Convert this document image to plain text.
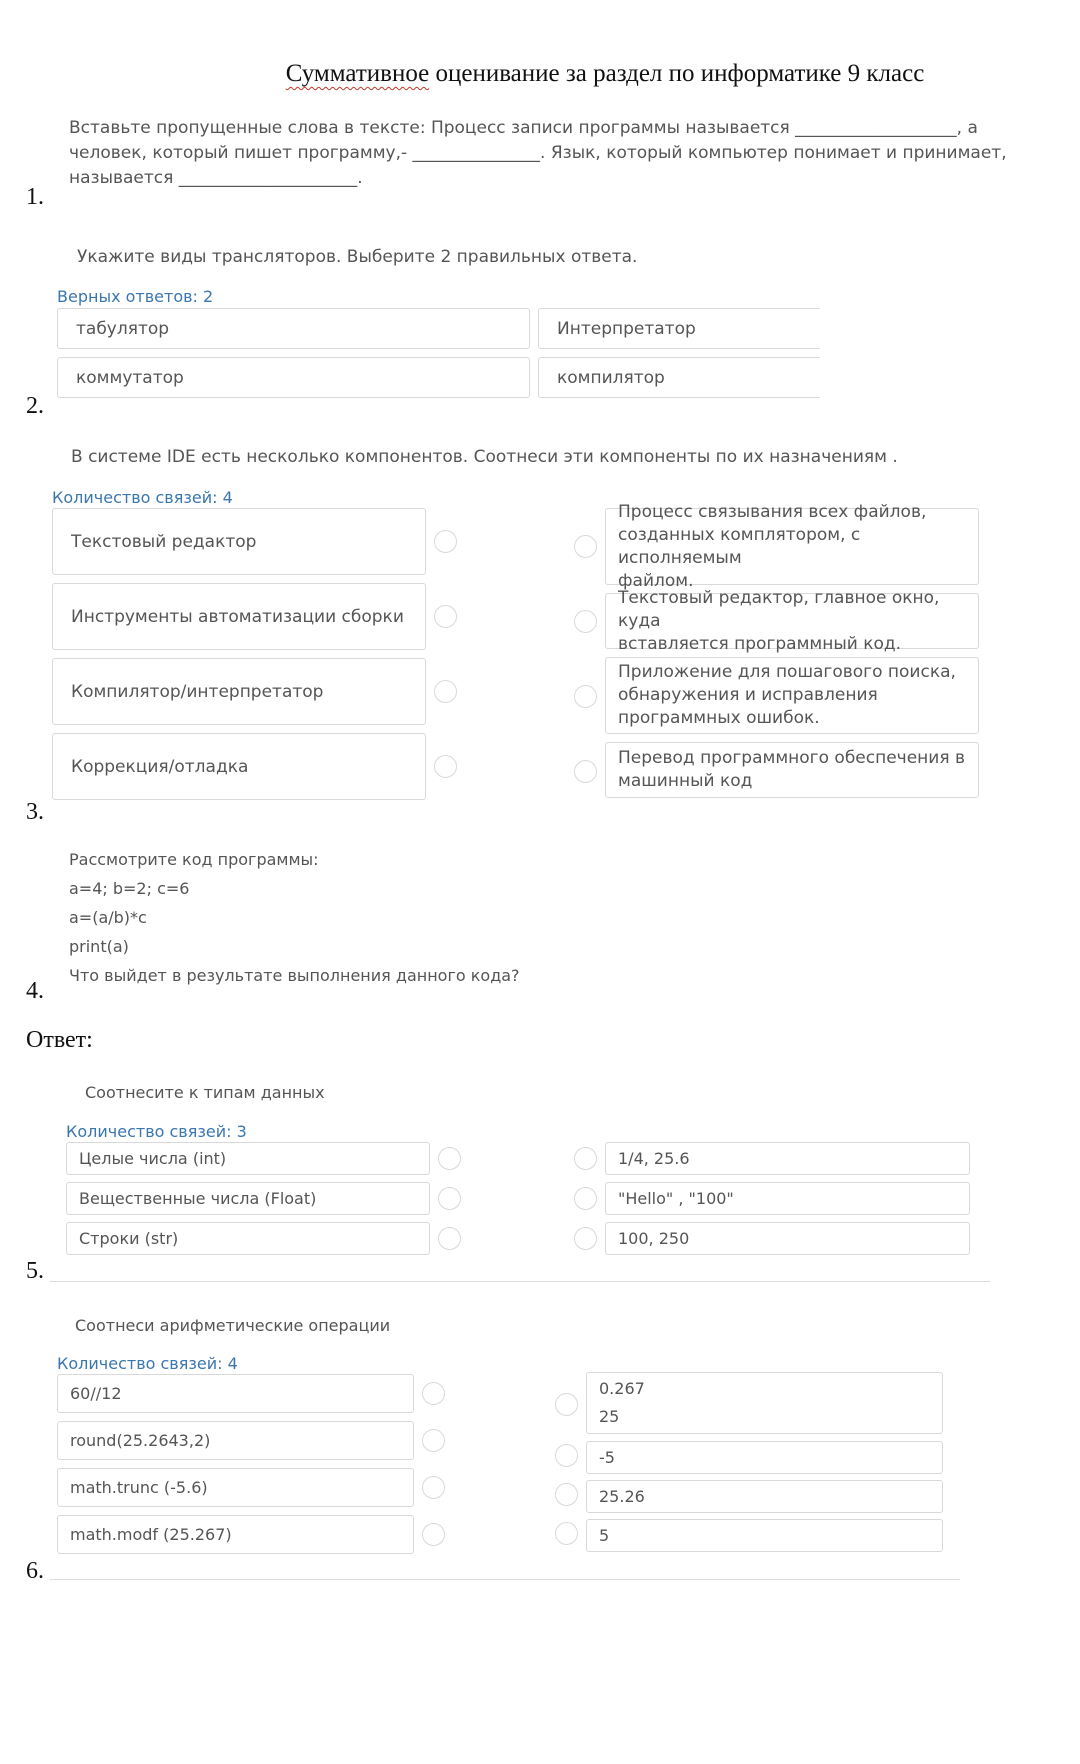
Суммативное оценивание за раздел по информатике 9 класс
Вставьте пропущенные слова в тексте: Процесс записи программы называется ___________________, а
человек, который пишет программу,- _______________. Язык, который компьютер понимает и принимает,
называется _____________________.
1.
Укажите виды трансляторов. Выберите 2 правильных ответа.
Верных ответов: 2
табулятор	Интерпретатор
коммутатор	компилятор
2.
В системе IDE есть несколько компонентов. Соотнеси эти компоненты по их назначениям .
Количество связей: 4
Текстовый редактор
Инструменты автоматизации сборки
Компилятор/интерпретатор
Коррекция/отладка
Процесс связывания всех файлов,
созданных компляторoм, с исполняемым
файлом.
Текстовый редактор, главное окно, куда
вставляется программный код.
Приложение для пошагового поиска,
обнаружения и исправления
программных ошибок.
Перевод программного обеспечения в
машинный код
3.
Рассмотрите код программы:
a=4; b=2; c=6
a=(a/b)*c
print(a)
Что выйдет в результате выполнения данного кода?
4.
Ответ:
Соотнесите к типам данных
Количество связей: 3
Целые числа (int)
Вещественные числа (Float)
Строки (str)
1/4, 25.6
"Hello" , "100"
100, 250
5.
Соотнеси арифметические операции
Количество связей: 4
60//12
round(25.2643,2)
math.trunc (-5.6)
math.modf (25.267)
0.267
25
-5
25.26
5
6.
